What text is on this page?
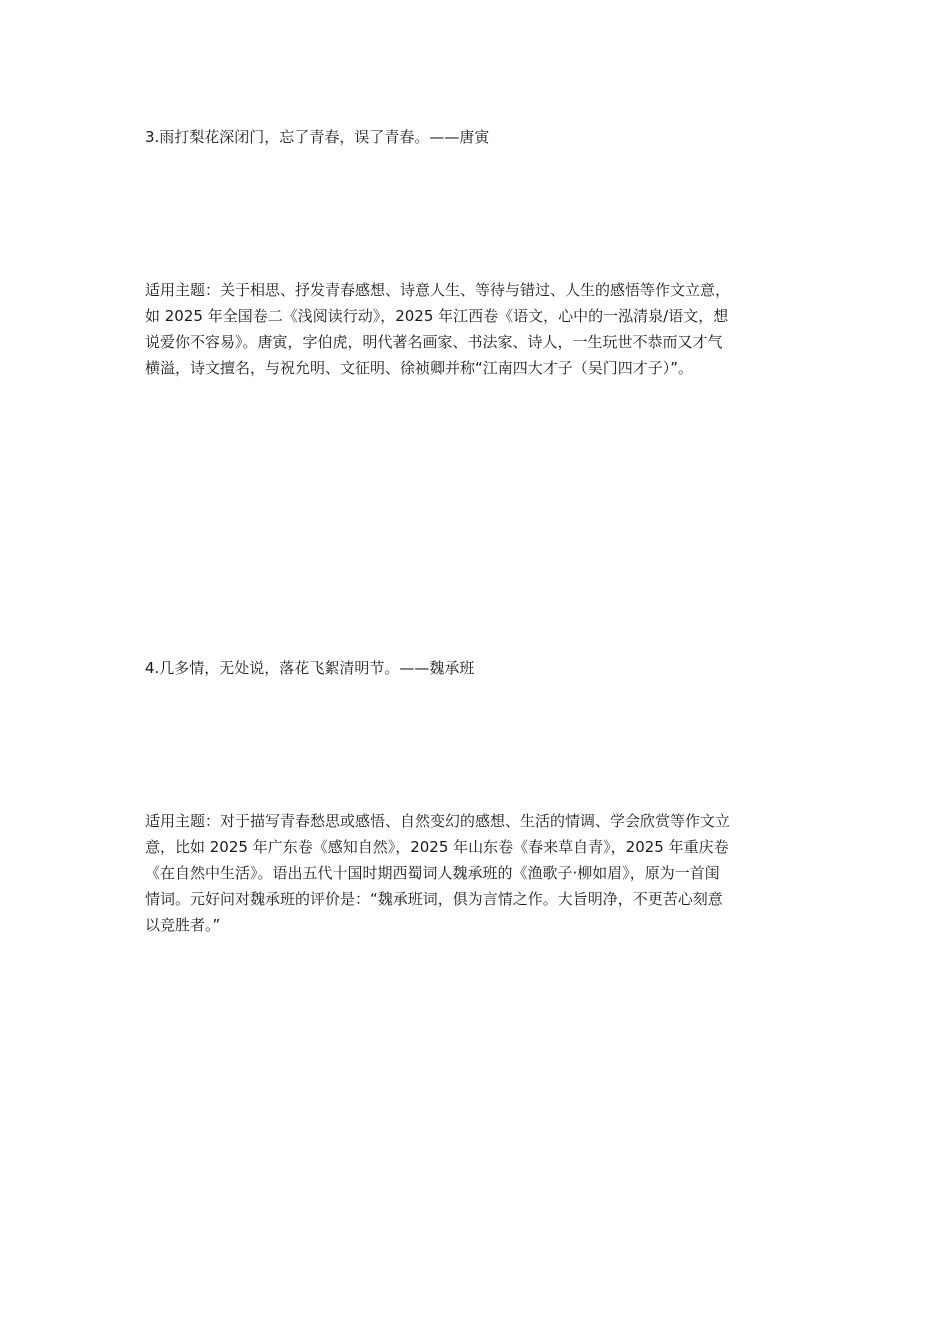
3.雨打梨花深闭门，忘了青春，误了青春。——唐寅
适用主题：关于相思、抒发青春感想、诗意人生、等待与错过、人生的感悟等作文立意，
如 2025 年全国卷二《浅阅读行动》，2025 年江西卷《语文，心中的一泓清泉/语文，想
说爱你不容易》。唐寅，字伯虎，明代著名画家、书法家、诗人，一生玩世不恭而又才气
横溢，诗文擅名，与祝允明、文征明、徐祯卿并称“江南四大才子（吴门四才子）”。
4.几多情，无处说，落花飞絮清明节。——魏承班
适用主题：对于描写青春愁思或感悟、自然变幻的感想、生活的情调、学会欣赏等作文立
意，比如 2025 年广东卷《感知自然》，2025 年山东卷《春来草自青》，2025 年重庆卷
《在自然中生活》。语出五代十国时期西蜀词人魏承班的《渔歌子·柳如眉》，原为一首闺
情词。元好问对魏承班的评价是：“魏承班词，俱为言情之作。大旨明净，不更苦心刻意
以竞胜者。”
